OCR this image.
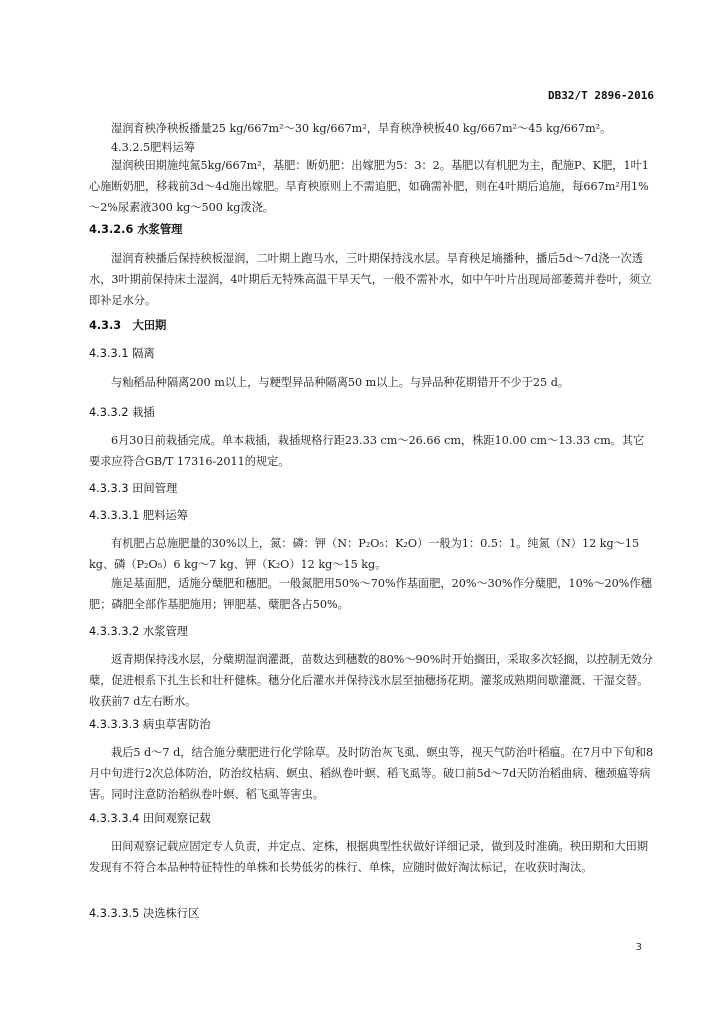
DB32/T 2896-2016
湿润育秧净秧板播量25 kg/667m²～30 kg/667m²，旱育秧净秧板40 kg/667m²～45 kg/667m²。
4.3.2.5肥料运筹
湿润秧田期施纯氮5kg/667m²，基肥：断奶肥：出嫁肥为5：3：2。基肥以有机肥为主，配施P、K肥，1叶1心施断奶肥，移栽前3d～4d施出嫁肥。旱育秧原则上不需追肥，如确需补肥，则在4叶期后追施，每667m²用1%～2%尿素液300 kg～500 kg泼浇。
4.3.2.6 水浆管理
湿润育秧播后保持秧板湿润，二叶期上跑马水，三叶期保持浅水层。旱育秧足墒播种，播后5d～7d浇一次透水，3叶期前保持床土湿润，4叶期后无特殊高温干旱天气，一般不需补水，如中午叶片出现局部萎蔫并卷叶，须立即补足水分。
4.3.3　大田期
4.3.3.1 隔离
与籼稻品种隔离200 m以上，与粳型异品种隔离50 m以上。与异品种花期错开不少于25 d。
4.3.3.2 栽插
6月30日前栽插完成。单本栽插，栽插规格行距23.33 cm～26.66 cm，株距10.00 cm～13.33 cm。其它要求应符合GB/T 17316-2011的规定。
4.3.3.3 田间管理
4.3.3.3.1 肥料运筹
有机肥占总施肥量的30%以上，氮：磷：钾（N：P₂O₅：K₂O）一般为1：0.5：1。纯氮（N）12 kg～15 kg、磷（P₂O₅）6 kg～7 kg、钾（K₂O）12 kg～15 kg。
施足基面肥，适施分蘖肥和穗肥。一般氮肥用50%～70%作基面肥，20%～30%作分蘖肥，10%～20%作穗肥；磷肥全部作基肥施用；钾肥基、蘖肥各占50%。
4.3.3.3.2 水浆管理
返青期保持浅水层，分蘖期湿润灌溉，苗数达到穗数的80%～90%时开始搁田，采取多次轻搁，以控制无效分蘖，促进根系下扎生长和壮秆健株。穗分化后灌水并保持浅水层至抽穗扬花期。灌浆成熟期间歇灌溉、干湿交替。收获前7 d左右断水。
4.3.3.3.3 病虫草害防治
栽后5 d～7 d，结合施分蘖肥进行化学除草。及时防治灰飞虱、螟虫等，视天气防治叶稻瘟。在7月中下旬和8月中旬进行2次总体防治，防治纹枯病、螟虫、稻纵卷叶螟、稻飞虱等。破口前5d～7d天防治稻曲病、穗颈瘟等病害。同时注意防治稻纵卷叶螟、稻飞虱等害虫。
4.3.3.3.4 田间观察记载
田间观察记载应固定专人负责，并定点、定株，根据典型性状做好详细记录，做到及时准确。秧田期和大田期发现有不符合本品种特征特性的单株和长势低劣的株行、单株，应随时做好淘汰标记，在收获时淘汰。
4.3.3.3.5 决选株行区
3
